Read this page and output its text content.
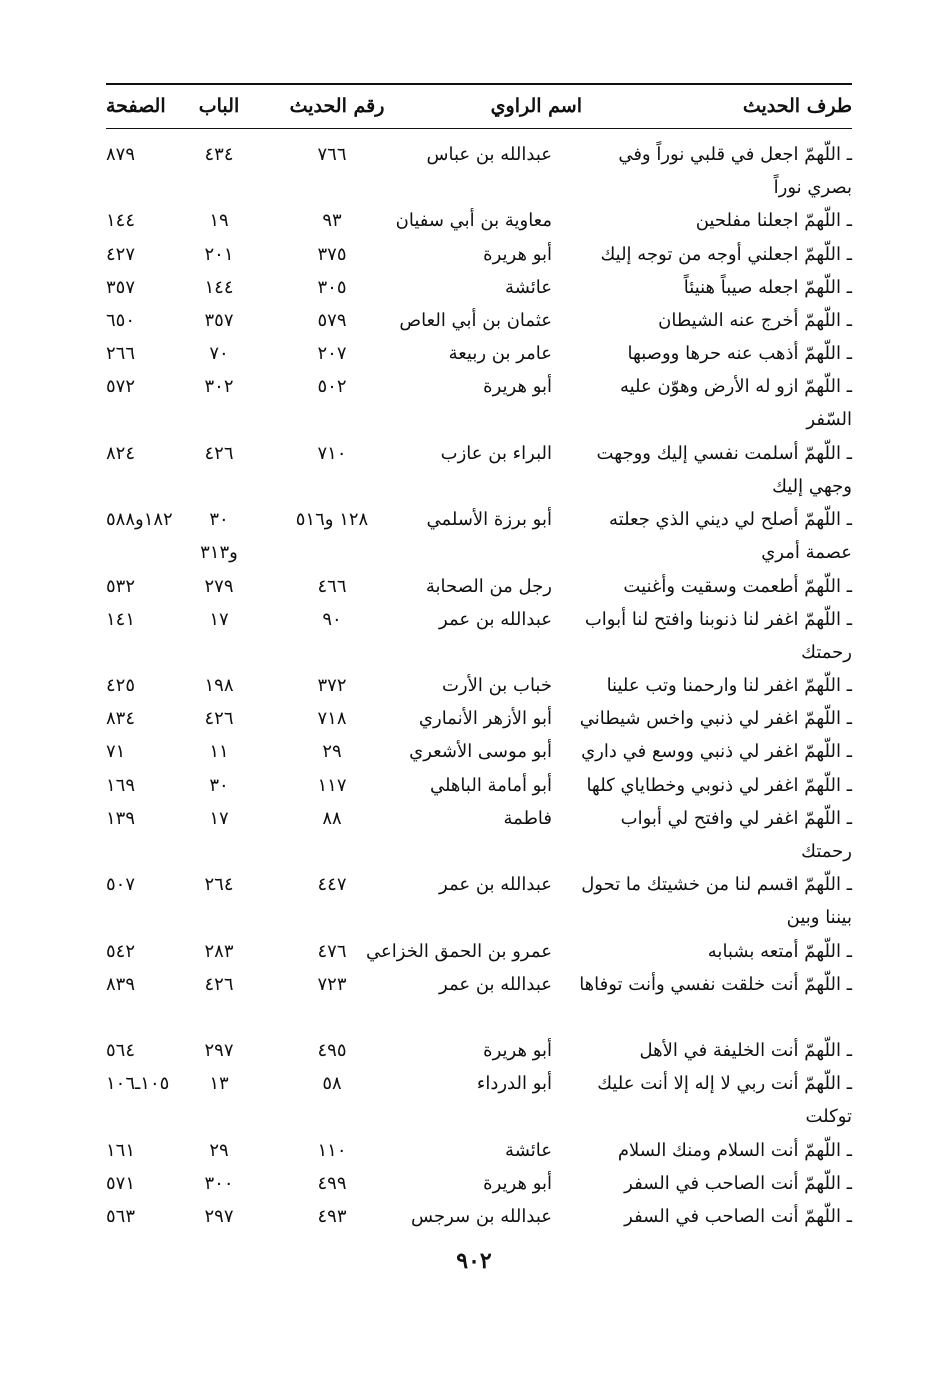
طرف الحديث
اسم الراوي
رقم الحديث
الباب
الصفحة
ـ اللّهمّ اجعل في قلبي نوراً وفي بصري نوراً
عبدالله بن عباس
٧٦٦
٤٣٤
٨٧٩
ـ اللّهمّ اجعلنا مفلحين
معاوية بن أبي سفيان
٩٣
١٩
١٤٤
ـ اللّهمّ اجعلني أوجه من توجه إليك
أبو هريرة
٣٧٥
٢٠١
٤٢٧
ـ اللّهمّ اجعله صيباً هنيئاً
عائشة
٣٠٥
١٤٤
٣٥٧
ـ اللّهمّ أخرج عنه الشيطان
عثمان بن أبي العاص
٥٧٩
٣٥٧
٦٥٠
ـ اللّهمّ أذهب عنه حرها ووصبها
عامر بن ربيعة
٢٠٧
٧٠
٢٦٦
ـ اللّهمّ ازو له الأرض وهوّن عليه السّفر
أبو هريرة
٥٠٢
٣٠٢
٥٧٢
ـ اللّهمّ أسلمت نفسي إليك ووجهت وجهي إليك
البراء بن عازب
٧١٠
٤٢٦
٨٢٤
ـ اللّهمّ أصلح لي ديني الذي جعلته عصمة أمري
أبو برزة الأسلمي
١٢٨ و٥١٦
٣٠
و٣١٣
١٨٢و٥٨٨
ـ اللّهمّ أطعمت وسقيت وأغنيت
رجل من الصحابة
٤٦٦
٢٧٩
٥٣٢
ـ اللّهمّ اغفر لنا ذنوبنا وافتح لنا أبواب رحمتك
عبدالله بن عمر
٩٠
١٧
١٤١
ـ اللّهمّ اغفر لنا وارحمنا وتب علينا
خباب بن الأرت
٣٧٢
١٩٨
٤٢٥
ـ اللّهمّ اغفر لي ذنبي واخس شيطاني
أبو الأزهر الأنماري
٧١٨
٤٢٦
٨٣٤
ـ اللّهمّ اغفر لي ذنبي ووسع في داري
أبو موسى الأشعري
٢٩
١١
٧١
ـ اللّهمّ اغفر لي ذنوبي وخطاياي كلها
أبو أمامة الباهلي
١١٧
٣٠
١٦٩
ـ اللّهمّ اغفر لي وافتح لي أبواب رحمتك
فاطمة
٨٨
١٧
١٣٩
ـ اللّهمّ اقسم لنا من خشيتك ما تحول بيننا وبين
عبدالله بن عمر
٤٤٧
٢٦٤
٥٠٧
ـ اللّهمّ أمتعه بشبابه
عمرو بن الحمق الخزاعي
٤٧٦
٢٨٣
٥٤٢
ـ اللّهمّ أنت خلقت نفسي وأنت توفاها
عبدالله بن عمر
٧٢٣
٤٢٦
٨٣٩
ـ اللّهمّ أنت الخليفة في الأهل
أبو هريرة
٤٩٥
٢٩٧
٥٦٤
ـ اللّهمّ أنت ربي لا إله إلا أنت عليك توكلت
أبو الدرداء
٥٨
١٣
١٠٥ـ١٠٦
ـ اللّهمّ أنت السلام ومنك السلام
عائشة
١١٠
٢٩
١٦١
ـ اللّهمّ أنت الصاحب في السفر
أبو هريرة
٤٩٩
٣٠٠
٥٧١
ـ اللّهمّ أنت الصاحب في السفر
عبدالله بن سرجس
٤٩٣
٢٩٧
٥٦٣
٩٠٢
